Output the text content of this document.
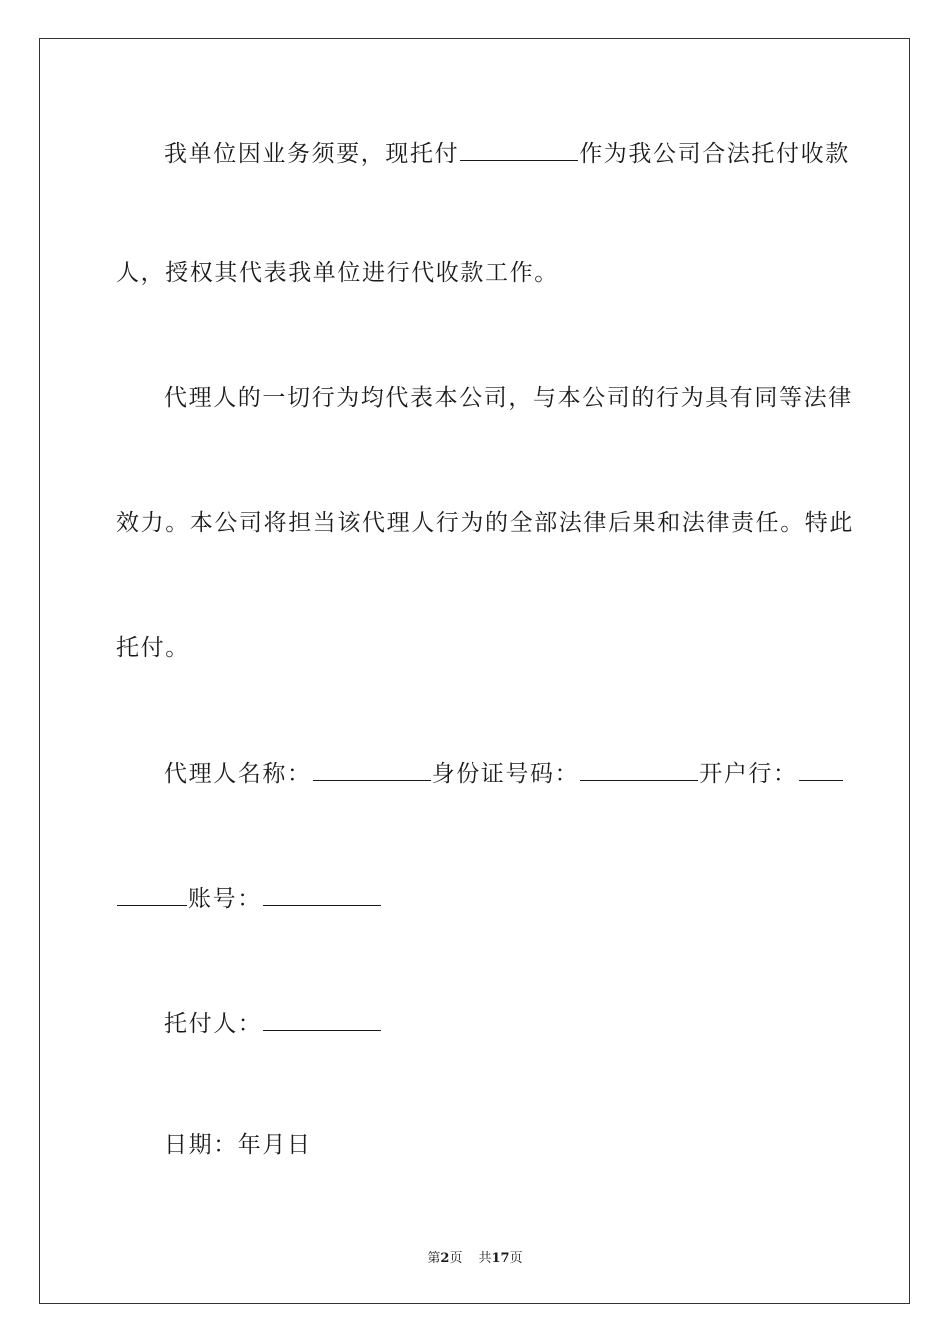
我单位因业务须要，现托付	作为我公司合法托付收款
人，授权其代表我单位进行代收款工作。
代理人的一切行为均代表本公司，与本公司的行为具有同等法律
效力。本公司将担当该代理人行为的全部法律后果和法律责任。特此
托付。
代理人名称：	身份证号码：	开户行：
账号：
托付人：
日期：年月日
第2页 共17页
